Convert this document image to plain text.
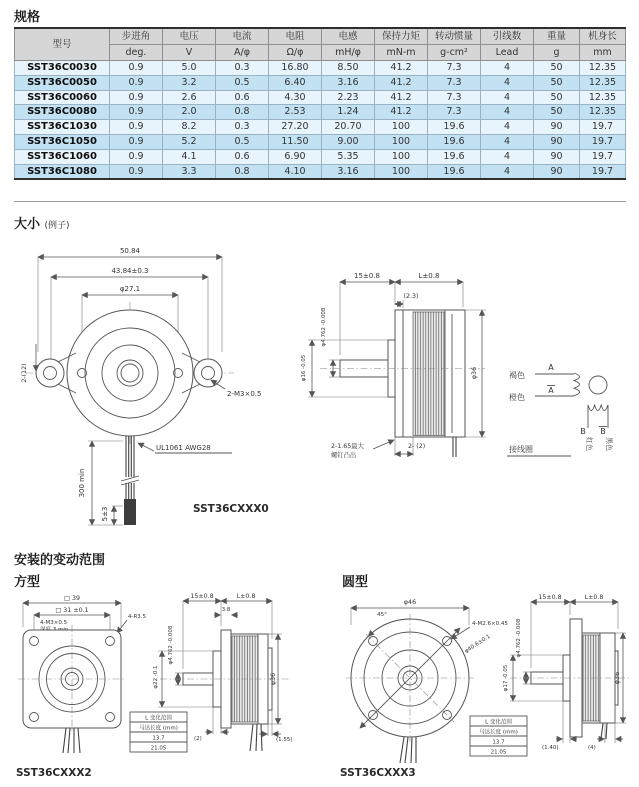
规格
型号	步进角	电压	电流	电阻	电感	保持力矩	转动惯量	引线数	重量	机身长
	deg.	V	A/φ	Ω/φ	mH/φ	mN-m	g-cm²	Lead	g	mm
SST36C0030	0.9	5.0	0.3	16.80	8.50	41.2	7.3	4	50	12.35
SST36C0050	0.9	3.2	0.5	6.40	3.16	41.2	7.3	4	50	12.35
SST36C0060	0.9	2.6	0.6	4.30	2.23	41.2	7.3	4	50	12.35
SST36C0080	0.9	2.0	0.8	2.53	1.24	41.2	7.3	4	50	12.35
SST36C1030	0.9	8.2	0.3	27.20	20.70	100	19.6	4	90	19.7
SST36C1050	0.9	5.2	0.5	11.50	9.00	100	19.6	4	90	19.7
SST36C1060	0.9	4.1	0.6	6.90	5.35	100	19.6	4	90	19.7
SST36C1080	0.9	3.3	0.8	4.10	3.16	100	19.6	4	90	19.7
大小 (例子)
50.84
43.84±0.3
φ27.1
2-(12)
2-M3×0.5
UL1061 AWG28
300 min
5±3	SST36CXXX0
15±0.8	L±0.8
(2.3)
φ4.762 -0.008
φ16 -0.05	φ36
2-1.65最大
螺钉凸出
2- (2)
褐色
A
橙色
A
B B
红色 黑色
接线圈
安装的变动范围
方型	圆型
□ 39
□ 31 ±0.1
4-M3×0.5
4-R3.5
L 变化范围
马达长度 (mm)
13.7
21.05
15±0.8	L±0.8
3.8
φ4.762 -0.008
φ22 -0.1	φ36
(2)	(1.55)
SST36CXXX2
φ46
45°
4-M2.6×0.45
φ40.6±0.1
L 变化范围
马达长度 (mm)
13.7
21.05
15±0.8	L±0.8
φ4.762 -0.008
φ17 -0.05	φ36
(1.40)	(4)
SST36CXXX3
